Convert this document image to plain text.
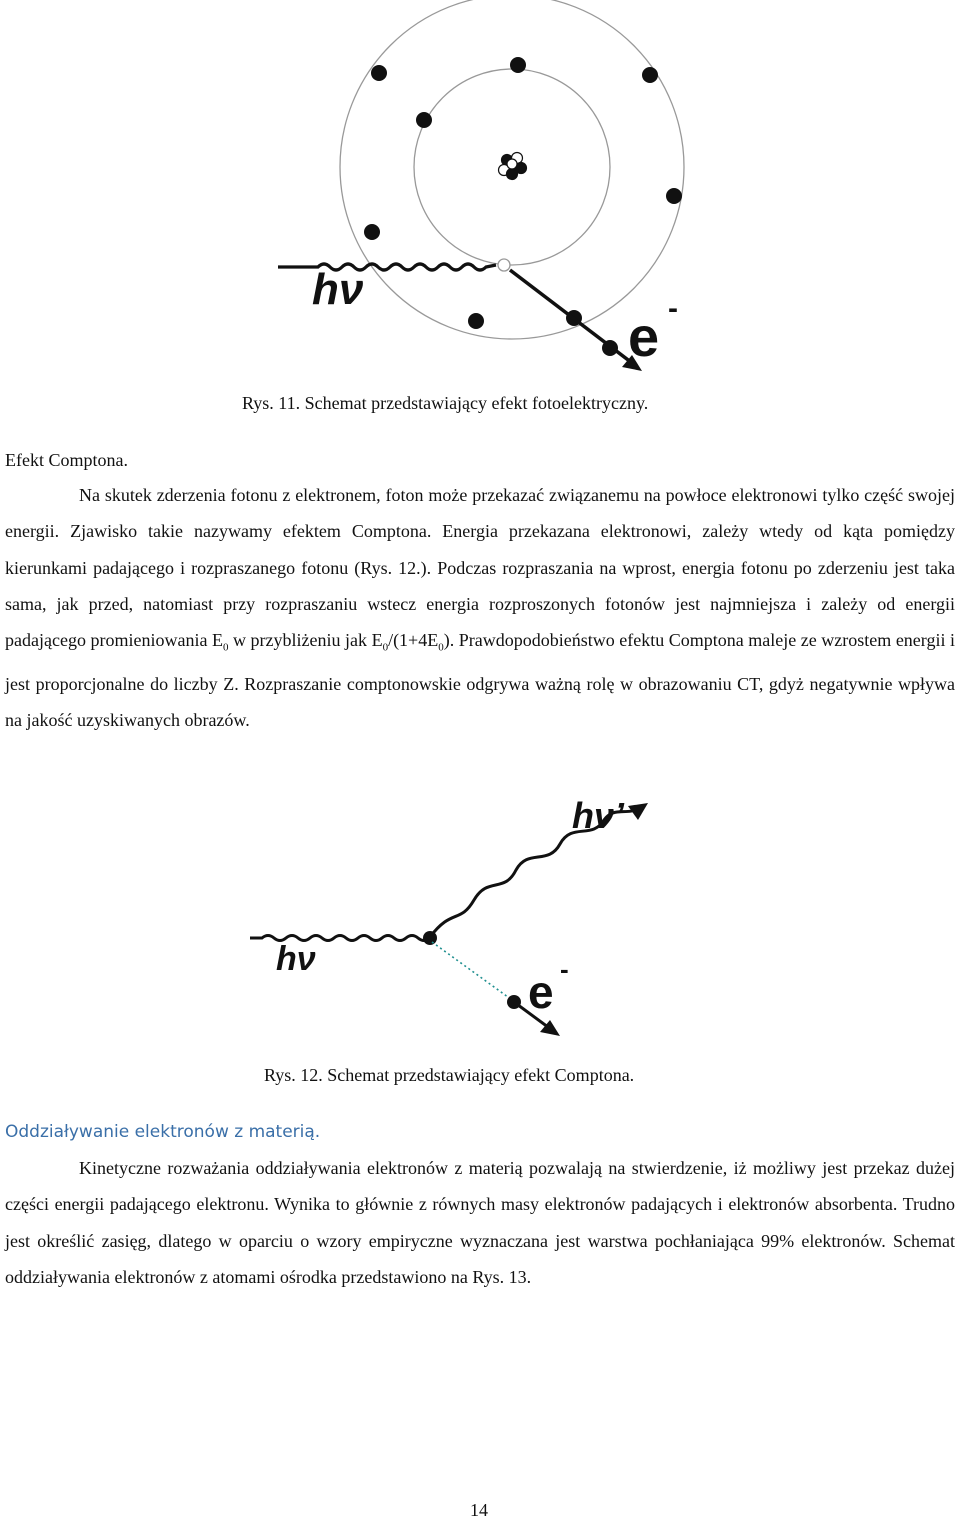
hν
e -
Rys. 11. Schemat przedstawiający efekt fotoelektryczny.
Efekt Comptona.

Na skutek zderzenia fotonu z elektronem, foton może przekazać związanemu na powłoce elektronowi tylko część swojej energii. Zjawisko takie nazywamy efektem Comptona. Energia przekazana elektronowi, zależy wtedy od kąta pomiędzy kierunkami padającego i rozpraszanego fotonu (Rys. 12.). Podczas rozpraszania na wprost, energia fotonu po zderzeniu jest taka sama, jak przed, natomiast przy rozpraszaniu wstecz energia rozproszonych fotonów jest najmniejsza i zależy od energii padającego promieniowania $E_0$ w przybliżeniu jak $E_0/(1+4E_0)$. Prawdopodobieństwo efektu Comptona maleje ze wzrostem energii i jest proporcjonalne do liczby Z. Rozpraszanie comptonowskie odgrywa ważną rolę w obrazowaniu CT, gdyż negatywnie wpływa na jakość uzyskiwanych obrazów.

hν’
hν
e -
Rys. 12. Schemat przedstawiający efekt Comptona.
Oddziaływanie elektronów z materią.

Kinetyczne rozważania oddziaływania elektronów z materią pozwalają na stwierdzenie, iż możliwy jest przekaz dużej części energii padającego elektronu. Wynika to głównie z równych masy elektronów padających i elektronów absorbenta. Trudno jest określić zasięg, dlatego w oparciu o wzory empiryczne wyznaczana jest warstwa pochłaniająca 99% elektronów. Schemat oddziaływania elektronów z atomami ośrodka przedstawiono na Rys. 13.

14
